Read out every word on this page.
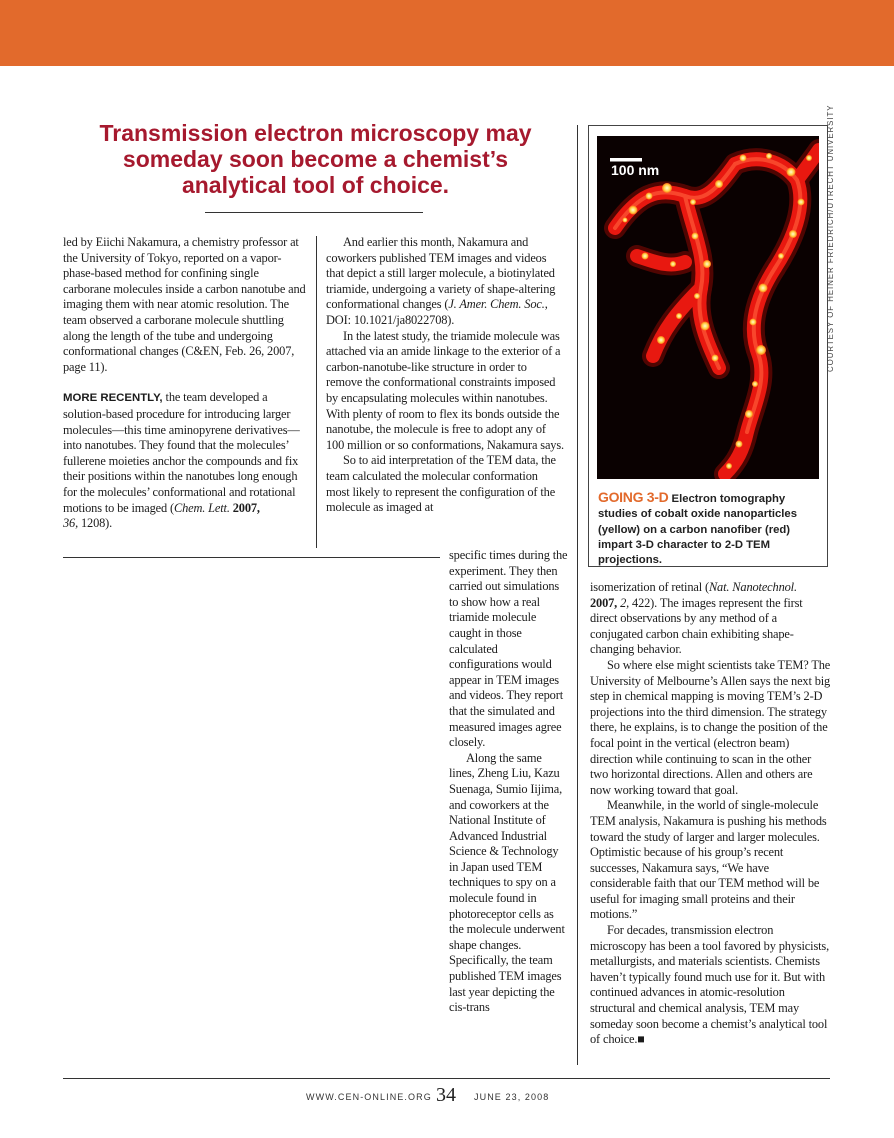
Transmission electron microscopy may someday soon become a chemist’s analytical tool of choice.

led by Eiichi Nakamura, a chemistry professor at the University of Tokyo, reported on a vapor-phase-based method for confining single carborane molecules inside a carbon nanotube and imaging them with near atomic resolution. The team observed a carborane molecule shuttling along the length of the tube and undergoing conformational changes (C&EN, Feb. 26, 2007, page 11).

MORE RECENTLY, the team developed a solution-based procedure for introducing larger molecules—this time aminopyrene derivatives—into nanotubes. They found that the molecules’ fullerene moieties anchor the compounds and fix their positions within the nanotubes long enough for the molecules’ conformational and rotational motions to be imaged (Chem. Lett. 2007,
36, 1208).

And earlier this month, Nakamura and coworkers published TEM images and videos that depict a still larger molecule, a biotinylated triamide, undergoing a variety of shape-altering conformational changes (J. Amer. Chem. Soc., DOI: 10.1021/ja8022708).

In the latest study, the triamide molecule was attached via an amide linkage to the exterior of a carbon-nanotube-like structure in order to remove the conformational constraints imposed by encapsulating molecules within nanotubes. With plenty of room to flex its bonds outside the nanotube, the molecule is free to adopt any of 100 million or so conformations, Nakamura says.

So to aid interpretation of the TEM data, the team calculated the molecular conformation most likely to represent the configuration of the molecule as imaged at

specific times during the experiment. They then carried out simulations to show how a real triamide molecule caught in those calculated configurations would appear in TEM images and videos. They report that the simulated and measured images agree closely.

Along the same lines, Zheng Liu, Kazu Suenaga, Sumio Iijima, and coworkers at the National Institute of Advanced Industrial Science & Technology in Japan used TEM techniques to spy on a molecule found in photoreceptor cells as the molecule underwent shape changes. Specifically, the team published TEM images last year depicting the cis-trans

100 nm
GOING 3-D Electron tomography studies of cobalt oxide nanoparticles (yellow) on a carbon nanofiber (red) impart 3-D character to 2-D TEM projections.
COURTESY OF HEINER FRIEDRICH/UTRECHT UNIVERSITY

isomerization of retinal (Nat. Nanotechnol.
2007, 2, 422). The images represent the first direct observations by any method of a conjugated carbon chain exhibiting shape-changing behavior.

So where else might scientists take TEM? The University of Melbourne’s Allen says the next big step in chemical mapping is moving TEM’s 2-D projections into the third dimension. The strategy there, he explains, is to change the position of the focal point in the vertical (electron beam) direction while continuing to scan in the other two horizontal directions. Allen and others are now working toward that goal.

Meanwhile, in the world of single-molecule TEM analysis, Nakamura is pushing his methods toward the study of larger and larger molecules. Optimistic because of his group’s recent successes, Nakamura says, “We have considerable faith that our TEM method will be useful for imaging small proteins and their motions.”

For decades, transmission electron microscopy has been a tool favored by physicists, metallurgists, and materials scientists. Chemists haven’t typically found much use for it. But with continued advances in atomic-resolution structural and chemical analysis, TEM may someday soon become a chemist’s analytical tool of choice.■

WWW.CEN-ONLINE.ORG 34 JUNE 23, 2008
